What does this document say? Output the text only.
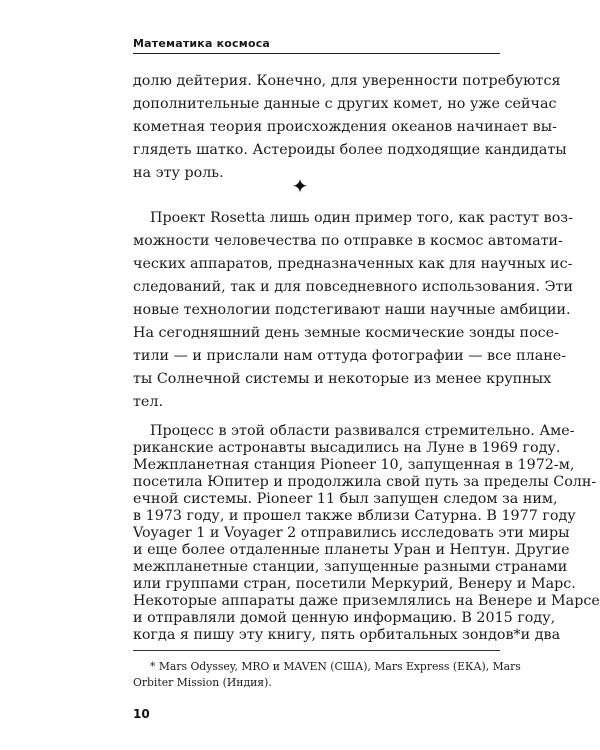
Математика космоса
долю дейтерия. Конечно, для уверенности потребуются
дополнительные данные с других комет, но уже сейчас
кометная теория происхождения океанов начинает вы-
глядеть шатко. Астероиды более подходящие кандидаты
на эту роль.
✦
Проект Rosetta лишь один пример того, как растут воз-
можности человечества по отправке в космос автомати-
ческих аппаратов, предназначенных как для научных ис-
следований, так и для повседневного использования. Эти
новые технологии подстегивают наши научные амбиции.
На сегодняшний день земные космические зонды посе-
тили — и прислали нам оттуда фотографии — все плане-
ты Солнечной системы и некоторые из менее крупных
тел.
Процесс в этой области развивался стремительно. Аме-
риканские астронавты высадились на Луне в 1969 году.
Межпланетная станция Pioneer 10, запущенная в 1972-м,
посетила Юпитер и продолжила свой путь за пределы Солн-
ечной системы. Pioneer 11 был запущен следом за ним,
в 1973 году, и прошел также вблизи Сатурна. В 1977 году
Voyager 1 и Voyager 2 отправились исследовать эти миры
и еще более отдаленные планеты Уран и Нептун. Другие
межпланетные станции, запущенные разными странами
или группами стран, посетили Меркурий, Венеру и Марс.
Некоторые аппараты даже приземлялись на Венере и Марсе
и отправляли домой ценную информацию. В 2015 году,
когда я пишу эту книгу, пять орбитальных зондов*и два
* Mars Odyssey, MRO и MAVEN (США), Mars Express (ЕКА), Mars
Orbiter Mission (Индия).
10
